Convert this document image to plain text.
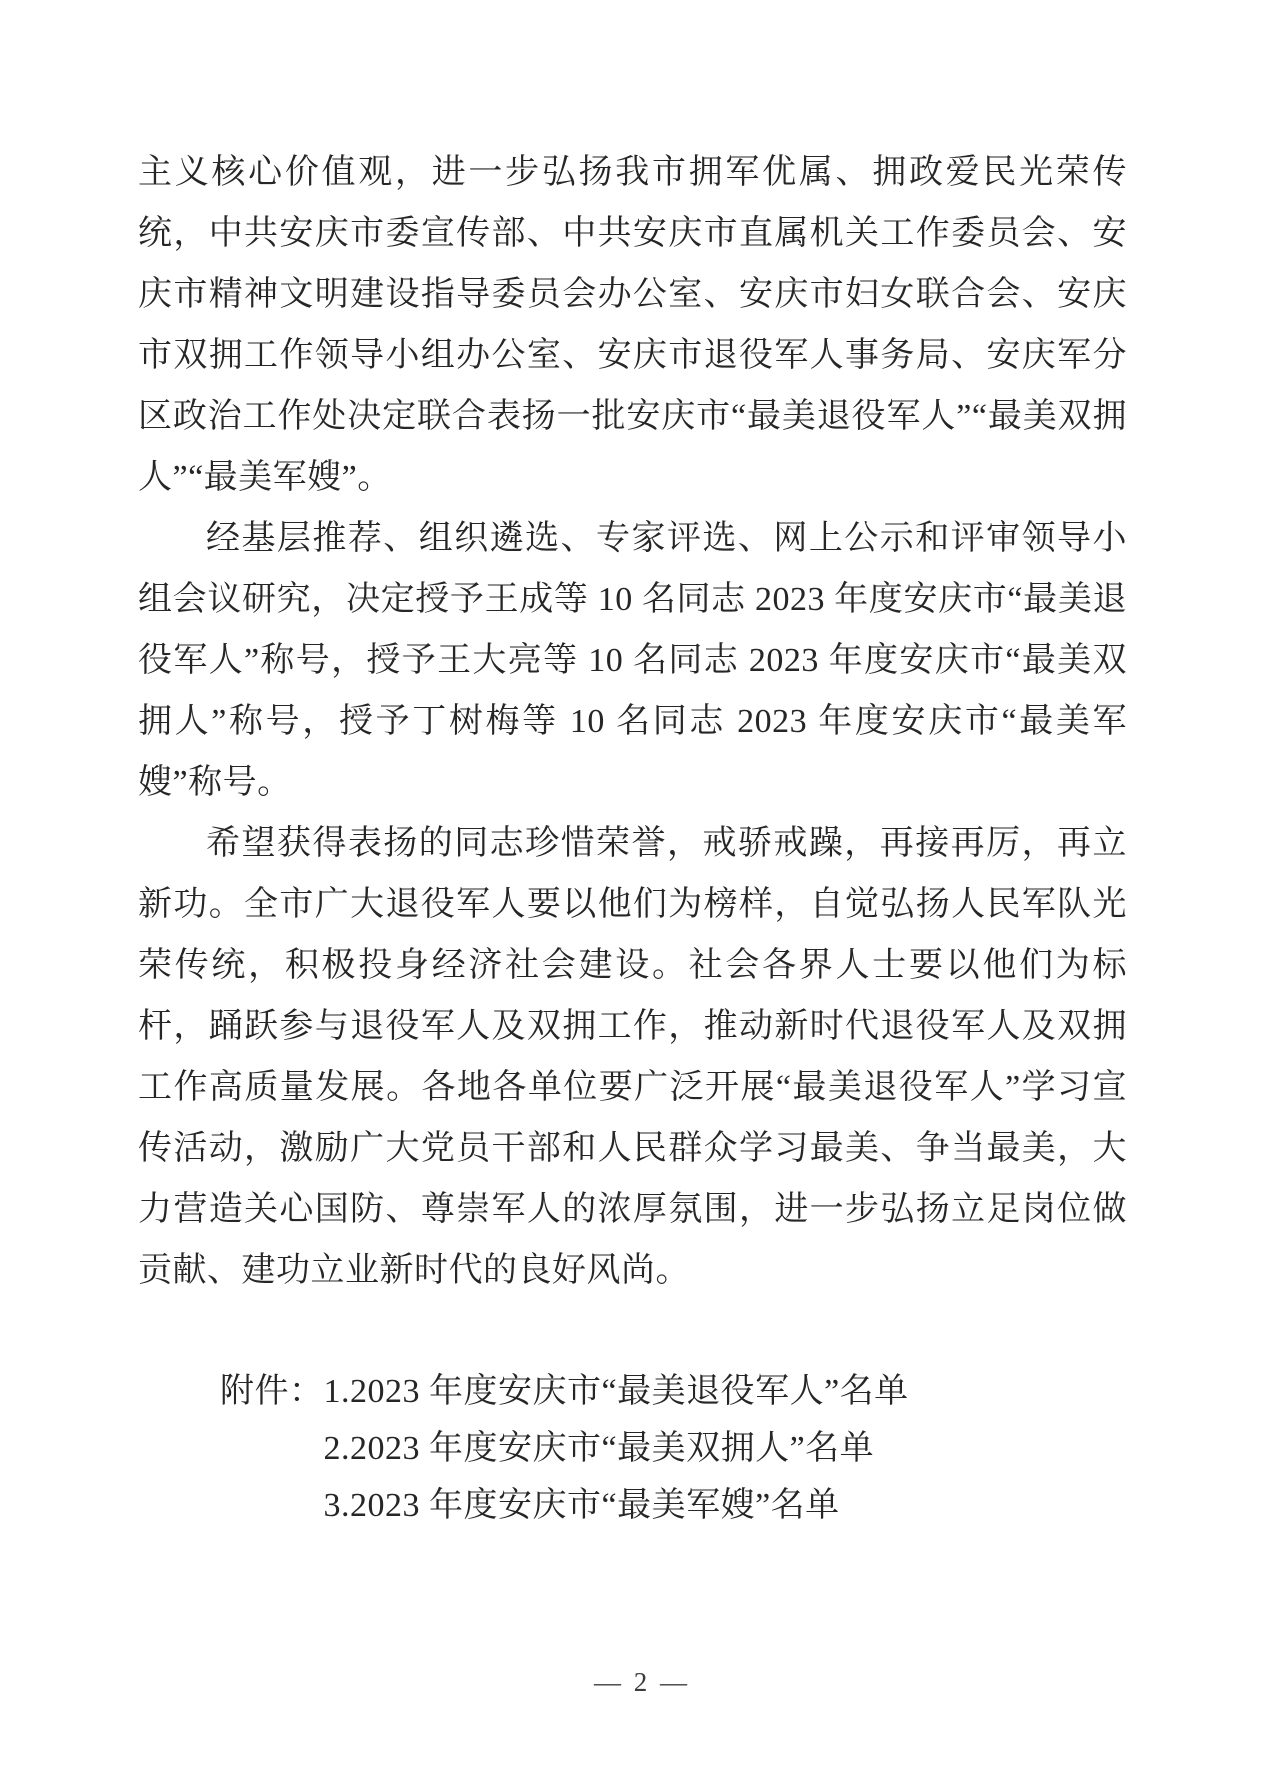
主义核心价值观，进一步弘扬我市拥军优属、拥政爱民光荣传统，中共安庆市委宣传部、中共安庆市直属机关工作委员会、安庆市精神文明建设指导委员会办公室、安庆市妇女联合会、安庆市双拥工作领导小组办公室、安庆市退役军人事务局、安庆军分区政治工作处决定联合表扬一批安庆市“最美退役军人”“最美双拥人”“最美军嫂”。

经基层推荐、组织遴选、专家评选、网上公示和评审领导小组会议研究，决定授予王成等 10 名同志 2023 年度安庆市“最美退役军人”称号，授予王大亮等 10 名同志 2023 年度安庆市“最美双拥人”称号，授予丁树梅等 10 名同志 2023 年度安庆市“最美军嫂”称号。

希望获得表扬的同志珍惜荣誉，戒骄戒躁，再接再厉，再立新功。全市广大退役军人要以他们为榜样，自觉弘扬人民军队光荣传统，积极投身经济社会建设。社会各界人士要以他们为标杆，踊跃参与退役军人及双拥工作，推动新时代退役军人及双拥工作高质量发展。各地各单位要广泛开展“最美退役军人”学习宣传活动，激励广大党员干部和人民群众学习最美、争当最美，大力营造关心国防、尊崇军人的浓厚氛围，进一步弘扬立足岗位做贡献、建功立业新时代的良好风尚。

附件： 1.2023 年度安庆市“最美退役军人”名单
2.2023 年度安庆市“最美双拥人”名单
3.2023 年度安庆市“最美军嫂”名单
— 2 —
